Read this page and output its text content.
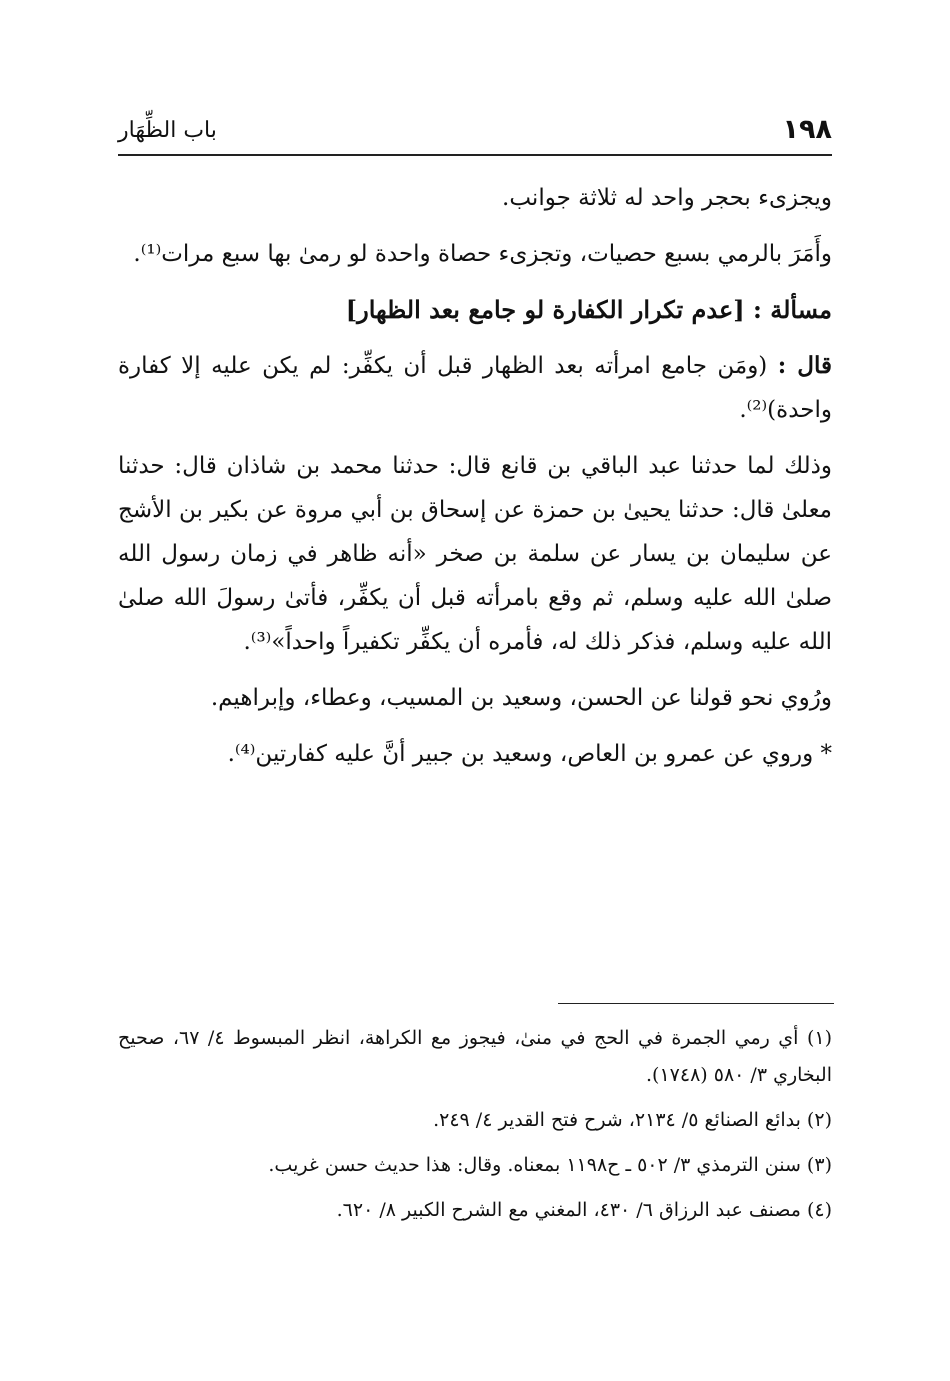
١٩٨
باب الظِّهَار

ويجزىء بحجر واحد له ثلاثة جوانب.

وأَمَرَ بالرمي بسبع حصيات، وتجزىء حصاة واحدة لو رمىٰ بها سبع مرات⁽¹⁾.

مسألة : [عدم تكرار الكفارة لو جامع بعد الظهار]

قال : (ومَن جامع امرأته بعد الظهار قبل أن يكفِّر: لم يكن عليه إلا كفارة واحدة)⁽²⁾.

وذلك لما حدثنا عبد الباقي بن قانع قال: حدثنا محمد بن شاذان قال: حدثنا معلىٰ قال: حدثنا يحيىٰ بن حمزة عن إسحاق بن أبي مروة عن بكير بن الأشج عن سليمان بن يسار عن سلمة بن صخر «أنه ظاهر في زمان رسول الله صلىٰ الله عليه وسلم، ثم وقع بامرأته قبل أن يكفِّر، فأتىٰ رسولَ الله صلىٰ الله عليه وسلم، فذكر ذلك له، فأمره أن يكفِّر تكفيراً واحداً»⁽³⁾.

ورُوي نحو قولنا عن الحسن، وسعيد بن المسيب، وعطاء، وإبراهيم.

* وروي عن عمرو بن العاص، وسعيد بن جبير أنَّ عليه كفارتين⁽⁴⁾.

(١) أي رمي الجمرة في الحج في منىٰ، فيجوز مع الكراهة، انظر المبسوط ٤/ ٦٧، صحيح البخاري ٣/ ٥٨٠ (١٧٤٨).

(٢) بدائع الصنائع ٥/ ٢١٣٤، شرح فتح القدير ٤/ ٢٤٩.

(٣) سنن الترمذي ٣/ ٥٠٢ ـ ح١١٩٨ بمعناه. وقال: هذا حديث حسن غريب.

(٤) مصنف عبد الرزاق ٦/ ٤٣٠، المغني مع الشرح الكبير ٨/ ٦٢٠.
